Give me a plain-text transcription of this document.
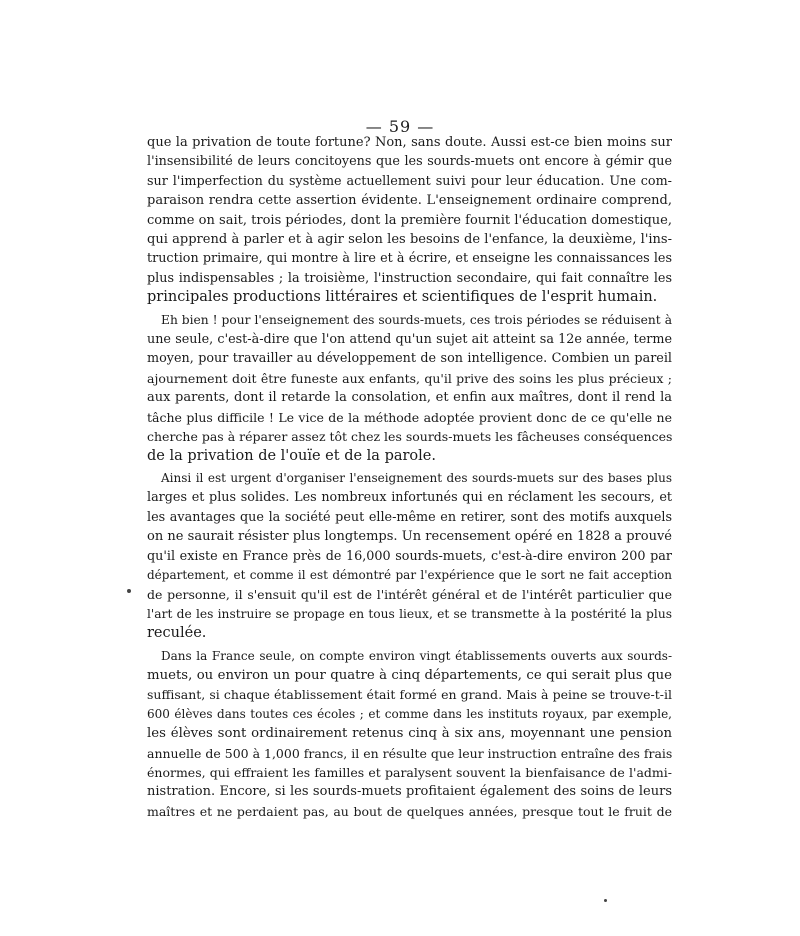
— 59 —
que la privation de toute fortune? Non, sans doute. Aussi est-ce bien moins sur
l'insensibilité de leurs concitoyens que les sourds-muets ont encore à gémir que
sur l'imperfection du système actuellement suivi pour leur éducation. Une com-
paraison rendra cette assertion évidente. L'enseignement ordinaire comprend,
comme on sait, trois périodes, dont la première fournit l'éducation domestique,
qui apprend à parler et à agir selon les besoins de l'enfance, la deuxième, l'ins-
truction primaire, qui montre à lire et à écrire, et enseigne les connaissances les
plus indispensables ; la troisième, l'instruction secondaire, qui fait connaître les
principales productions littéraires et scientifiques de l'esprit humain.
Eh bien ! pour l'enseignement des sourds-muets, ces trois périodes se réduisent à
une seule, c'est-à-dire que l'on attend qu'un sujet ait atteint sa 12e année, terme
moyen, pour travailler au développement de son intelligence. Combien un pareil
ajournement doit être funeste aux enfants, qu'il prive des soins les plus précieux ;
aux parents, dont il retarde la consolation, et enfin aux maîtres, dont il rend la
tâche plus difficile ! Le vice de la méthode adoptée provient donc de ce qu'elle ne
cherche pas à réparer assez tôt chez les sourds-muets les fâcheuses conséquences
de la privation de l'ouïe et de la parole.
Ainsi il est urgent d'organiser l'enseignement des sourds-muets sur des bases plus
larges et plus solides. Les nombreux infortunés qui en réclament les secours, et
les avantages que la société peut elle-même en retirer, sont des motifs auxquels
on ne saurait résister plus longtemps. Un recensement opéré en 1828 a prouvé
qu'il existe en France près de 16,000 sourds-muets, c'est-à-dire environ 200 par
département, et comme il est démontré par l'expérience que le sort ne fait acception
de personne, il s'ensuit qu'il est de l'intérêt général et de l'intérêt particulier que
l'art de les instruire se propage en tous lieux, et se transmette à la postérité la plus
reculée.
Dans la France seule, on compte environ vingt établissements ouverts aux sourds-
muets, ou environ un pour quatre à cinq départements, ce qui serait plus que
suffisant, si chaque établissement était formé en grand. Mais à peine se trouve-t-il
600 élèves dans toutes ces écoles ; et comme dans les instituts royaux, par exemple,
les élèves sont ordinairement retenus cinq à six ans, moyennant une pension
annuelle de 500 à 1,000 francs, il en résulte que leur instruction entraîne des frais
énormes, qui effraient les familles et paralysent souvent la bienfaisance de l'admi-
nistration. Encore, si les sourds-muets profitaient également des soins de leurs
maîtres et ne perdaient pas, au bout de quelques années, presque tout le fruit de
